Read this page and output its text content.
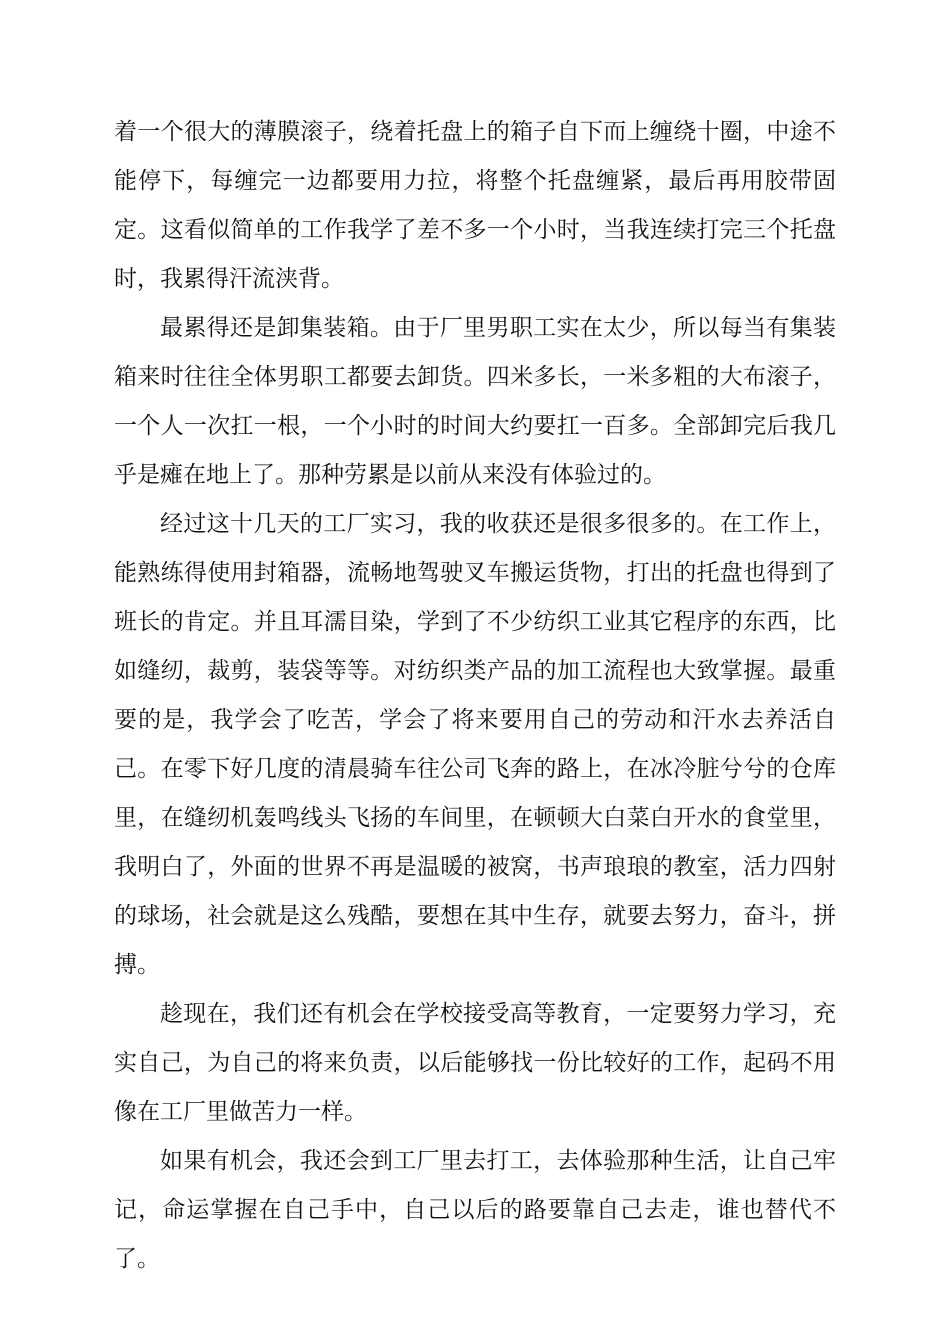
着一个很大的薄膜滚子，绕着托盘上的箱子自下而上缠绕十圈，中途不能停下，每缠完一边都要用力拉，将整个托盘缠紧，最后再用胶带固定。这看似简单的工作我学了差不多一个小时，当我连续打完三个托盘时，我累得汗流浃背。

最累得还是卸集装箱。由于厂里男职工实在太少，所以每当有集装箱来时往往全体男职工都要去卸货。四米多长，一米多粗的大布滚子，一个人一次扛一根，一个小时的时间大约要扛一百多。全部卸完后我几乎是瘫在地上了。那种劳累是以前从来没有体验过的。

经过这十几天的工厂实习，我的收获还是很多很多的。在工作上，能熟练得使用封箱器，流畅地驾驶叉车搬运货物，打出的托盘也得到了班长的肯定。并且耳濡目染，学到了不少纺织工业其它程序的东西，比如缝纫，裁剪，装袋等等。对纺织类产品的加工流程也大致掌握。最重要的是，我学会了吃苦，学会了将来要用自己的劳动和汗水去养活自己。在零下好几度的清晨骑车往公司飞奔的路上，在冰冷脏兮兮的仓库里，在缝纫机轰鸣线头飞扬的车间里，在顿顿大白菜白开水的食堂里，我明白了，外面的世界不再是温暖的被窝，书声琅琅的教室，活力四射的球场，社会就是这么残酷，要想在其中生存，就要去努力，奋斗，拼搏。

趁现在，我们还有机会在学校接受高等教育，一定要努力学习，充实自己，为自己的将来负责，以后能够找一份比较好的工作，起码不用像在工厂里做苦力一样。

如果有机会，我还会到工厂里去打工，去体验那种生活，让自己牢记，命运掌握在自己手中，自己以后的路要靠自己去走，谁也替代不了。
